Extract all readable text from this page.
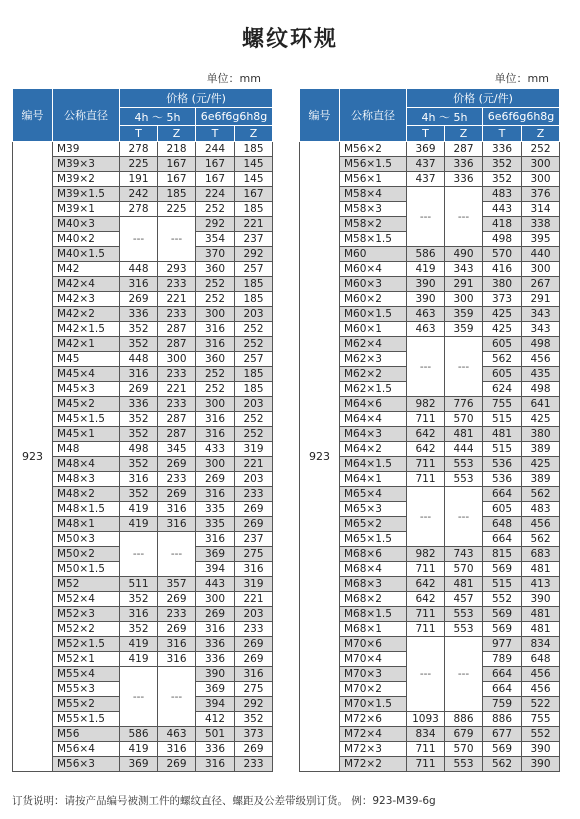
螺纹环规
单位：mm	单位：mm
编号	公称直径	价格 (元/件)			
		4h ～ 5h		6e6f6g6h8g	
		T	Z	T	Z
923	M39	278	218	244	185
	M39×3	225	167	167	145
	M39×2	191	167	167	145
	M39×1.5	242	185	224	167
	M39×1	278	225	252	185
	M40×3	---	---	292	221
	M40×2			354	237
	M40×1.5			370	292
	M42	448	293	360	257
	M42×4	316	233	252	185
	M42×3	269	221	252	185
	M42×2	336	233	300	203
	M42×1.5	352	287	316	252
	M42×1	352	287	316	252
	M45	448	300	360	257
	M45×4	316	233	252	185
	M45×3	269	221	252	185
	M45×2	336	233	300	203
	M45×1.5	352	287	316	252
	M45×1	352	287	316	252
	M48	498	345	433	319
	M48×4	352	269	300	221
	M48×3	316	233	269	203
	M48×2	352	269	316	233
	M48×1.5	419	316	335	269
	M48×1	419	316	335	269
	M50×3	---	---	316	237
	M50×2			369	275
	M50×1.5			394	316
	M52	511	357	443	319
	M52×4	352	269	300	221
	M52×3	316	233	269	203
	M52×2	352	269	316	233
	M52×1.5	419	316	336	269
	M52×1	419	316	336	269
	M55×4	---	---	390	316
	M55×3			369	275
	M55×2			394	292
	M55×1.5			412	352
	M56	586	463	501	373
	M56×4	419	316	336	269
	M56×3	369	269	316	233
编号	公称直径	价格 (元/件)			
		4h ～ 5h		6e6f6g6h8g	
		T	Z	T	Z
923	M56×2	369	287	336	252
	M56×1.5	437	336	352	300
	M56×1	437	336	352	300
	M58×4	---	---	483	376
	M58×3			443	314
	M58×2			418	338
	M58×1.5			498	395
	M60	586	490	570	440
	M60×4	419	343	416	300
	M60×3	390	291	380	267
	M60×2	390	300	373	291
	M60×1.5	463	359	425	343
	M60×1	463	359	425	343
	M62×4	---	---	605	498
	M62×3			562	456
	M62×2			605	435
	M62×1.5			624	498
	M64×6	982	776	755	641
	M64×4	711	570	515	425
	M64×3	642	481	481	380
	M64×2	642	444	515	389
	M64×1.5	711	553	536	425
	M64×1	711	553	536	389
	M65×4	---	---	664	562
	M65×3			605	483
	M65×2			648	456
	M65×1.5			664	562
	M68×6	982	743	815	683
	M68×4	711	570	569	481
	M68×3	642	481	515	413
	M68×2	642	457	552	390
	M68×1.5	711	553	569	481
	M68×1	711	553	569	481
	M70×6	---	---	977	834
	M70×4			789	648
	M70×3			664	456
	M70×2			664	456
	M70×1.5			759	522
	M72×6	1093	886	886	755
	M72×4	834	679	677	552
	M72×3	711	570	569	390
	M72×2	711	553	562	390
订货说明：请按产品编号被测工件的螺纹直径、螺距及公差带级别订货。 例：923-M39-6g
